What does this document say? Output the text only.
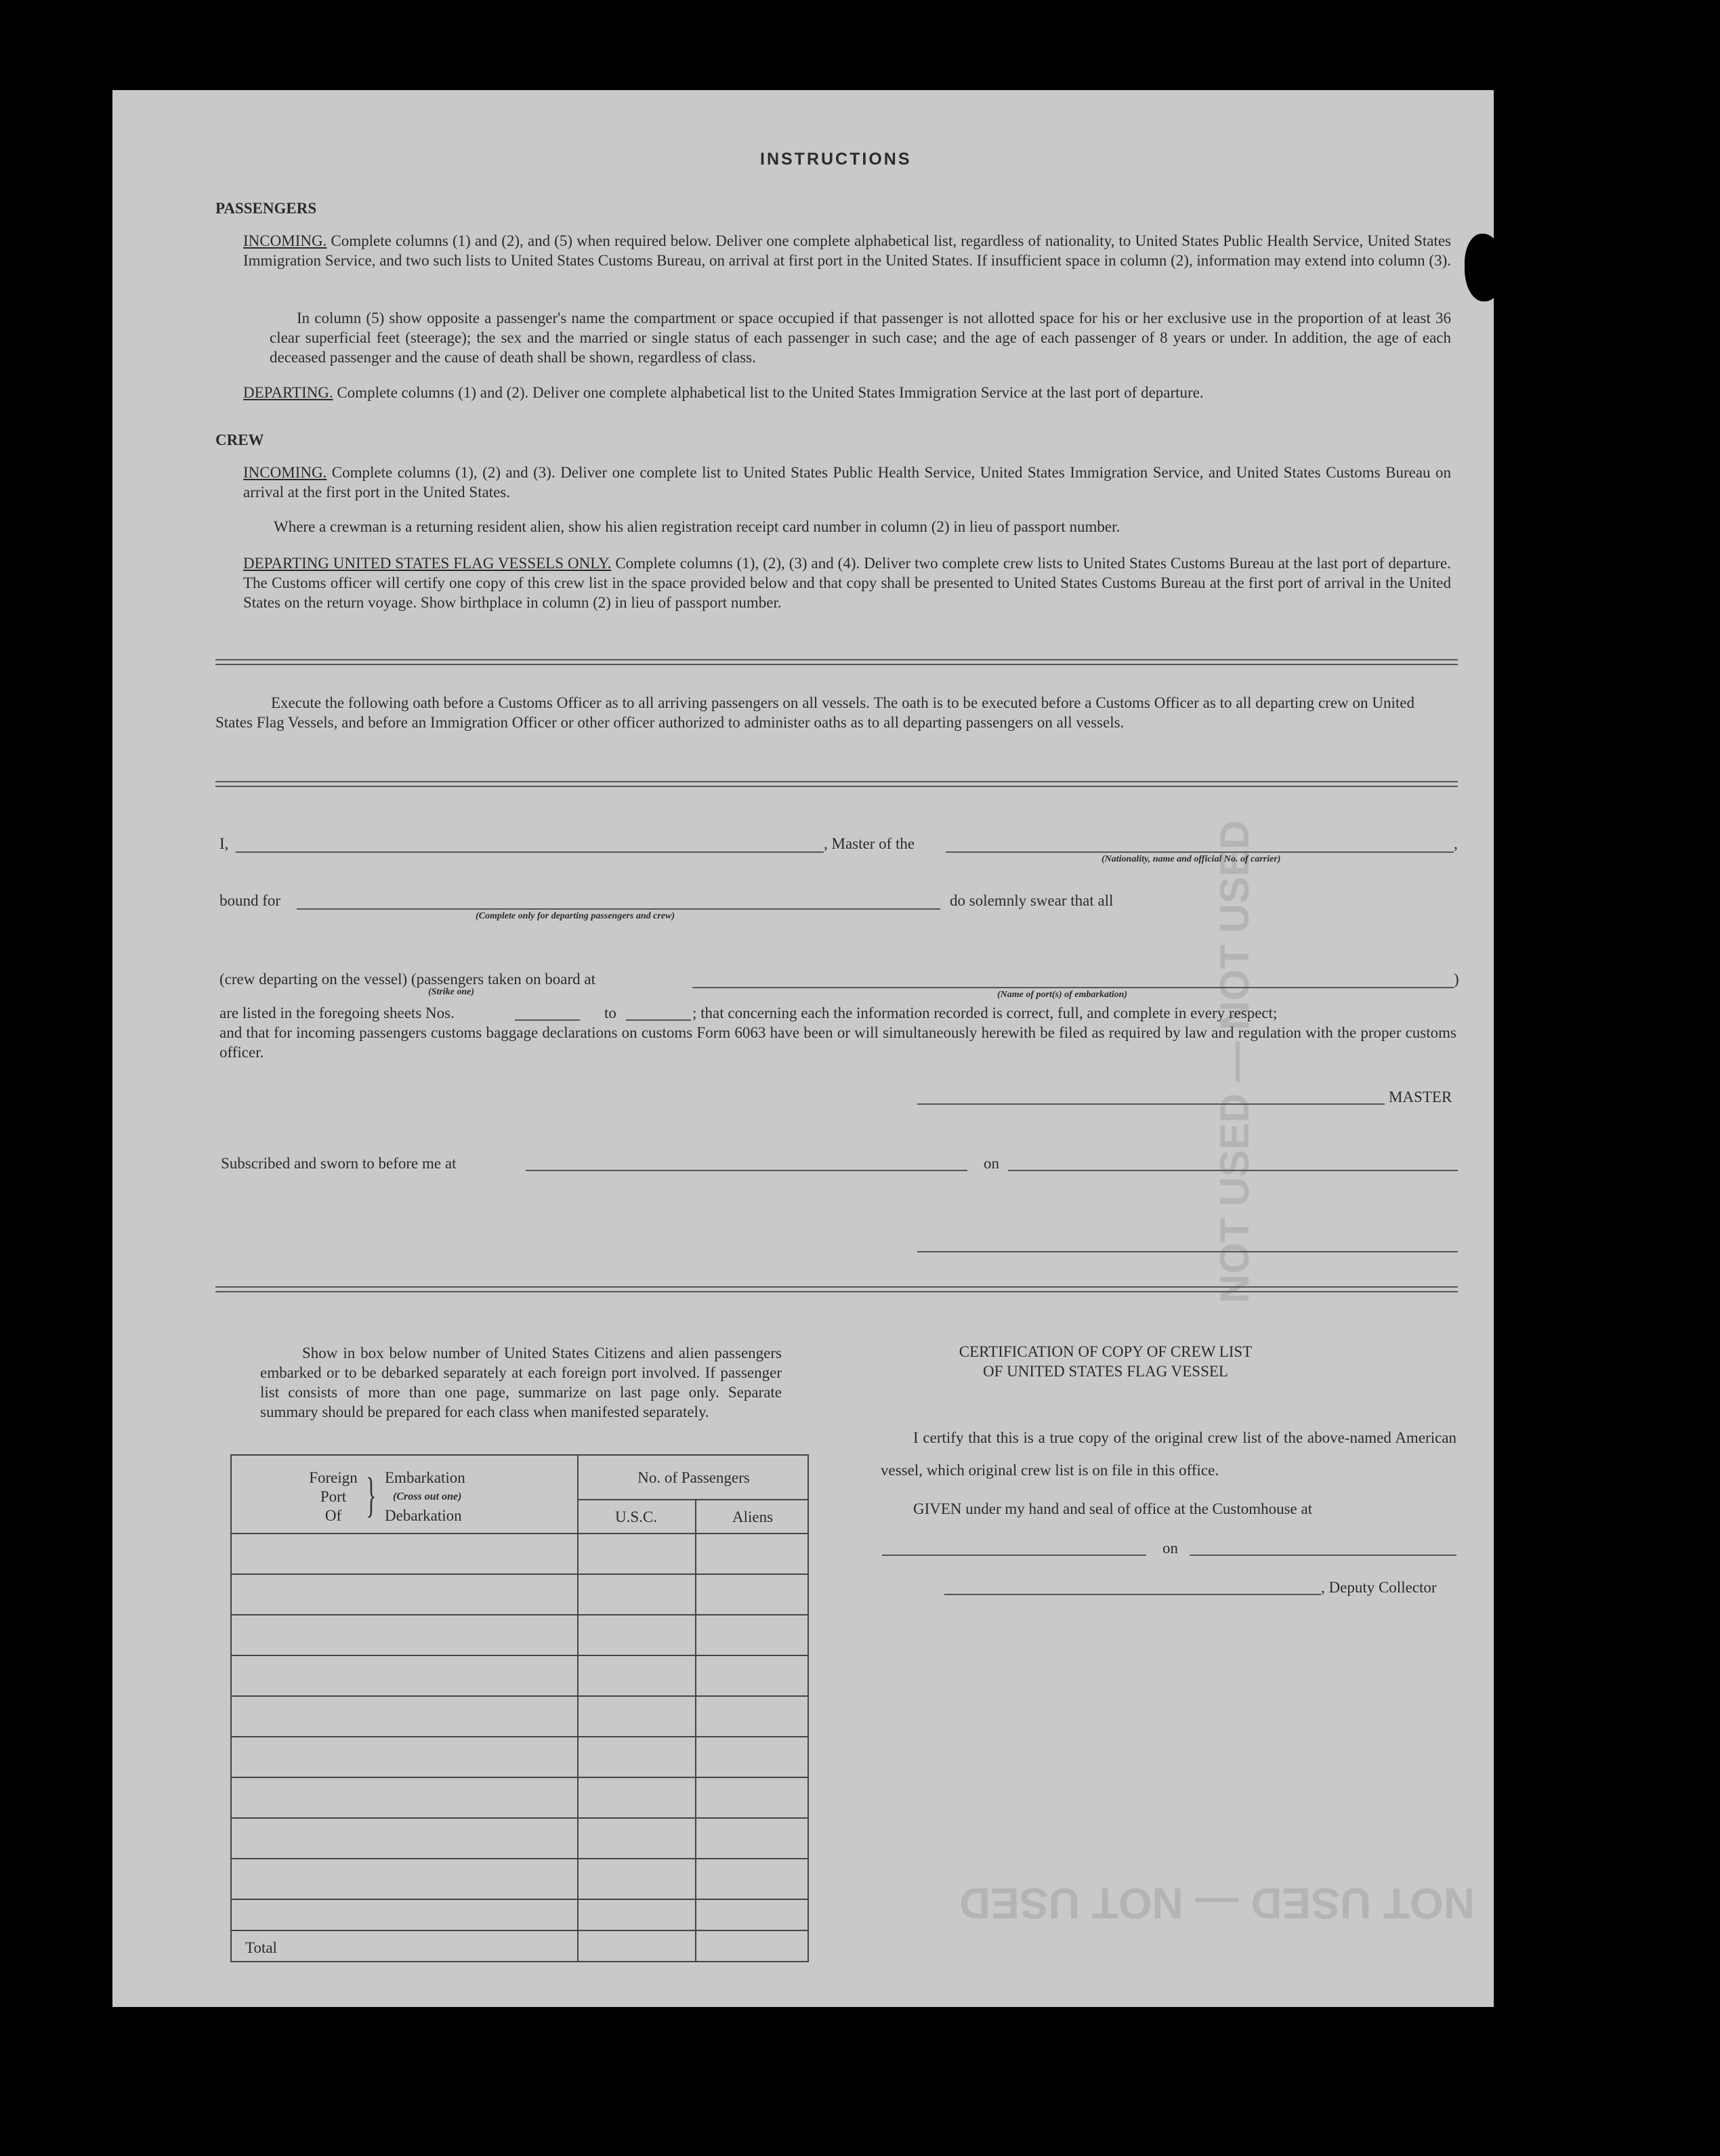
NOT USED — NOT USED
NOT USED — NOT USED
INSTRUCTIONS
PASSENGERS
INCOMING. Complete columns (1) and (2), and (5) when required below. Deliver one complete alphabetical list, regardless of nationality, to United States Public Health Service, United States Immigration Service, and two such lists to United States Customs Bureau, on arrival at first port in the United States. If insufficient space in column (2), information may extend into column (3).
In column (5) show opposite a passenger's name the compartment or space occupied if that passenger is not allotted space for his or her exclusive use in the proportion of at least 36 clear superficial feet (steerage); the sex and the married or single status of each passenger in such case; and the age of each passenger of 8 years or under. In addition, the age of each deceased passenger and the cause of death shall be shown, regardless of class.
DEPARTING. Complete columns (1) and (2). Deliver one complete alphabetical list to the United States Immigration Service at the last port of departure.
CREW
INCOMING. Complete columns (1), (2) and (3). Deliver one complete list to United States Public Health Service, United States Immigration Service, and United States Customs Bureau on arrival at the first port in the United States.
Where a crewman is a returning resident alien, show his alien registration receipt card number in column (2) in lieu of passport number.
DEPARTING UNITED STATES FLAG VESSELS ONLY. Complete columns (1), (2), (3) and (4). Deliver two complete crew lists to United States Customs Bureau at the last port of departure. The Customs officer will certify one copy of this crew list in the space provided below and that copy shall be presented to United States Customs Bureau at the first port of arrival in the United States on the return voyage. Show birthplace in column (2) in lieu of passport number.
Execute the following oath before a Customs Officer as to all arriving passengers on all vessels. The oath is to be executed before a Customs Officer as to all departing crew on United States Flag Vessels, and before an Immigration Officer or other officer authorized to administer oaths as to all departing passengers on all vessels.
I,	, Master of the	,
(Nationality, name and official No. of carrier)
bound for
(Complete only for departing passengers and crew)
do solemnly swear that all
(crew departing on the vessel) (passengers taken on board at
(Strike one)
)
(Name of port(s) of embarkation)
are listed in the foregoing sheets Nos.	to	; that concerning each the information recorded is correct, full, and complete in every respect;
and that for incoming passengers customs baggage declarations on customs Form 6063 have been or will simultaneously herewith be filed as required by law and regulation with the proper customs officer.
MASTER
Subscribed and sworn to before me at	on
Show in box below number of United States Citizens and alien passengers embarked or to be debarked separately at each foreign port involved. If passenger list consists of more than one page, summarize on last page only. Separate summary should be prepared for each class when manifested separately.
Foreign
Port
Of } Embarkation
(Cross out one)
Debarkation
No. of Passengers
U.S.C.	Aliens
Total
CERTIFICATION OF COPY OF CREW LIST
OF UNITED STATES FLAG VESSEL
I certify that this is a true copy of the original crew list of the above-named American vessel, which original crew list is on file in this office.
GIVEN under my hand and seal of office at the Customhouse at
on
, Deputy Collector
